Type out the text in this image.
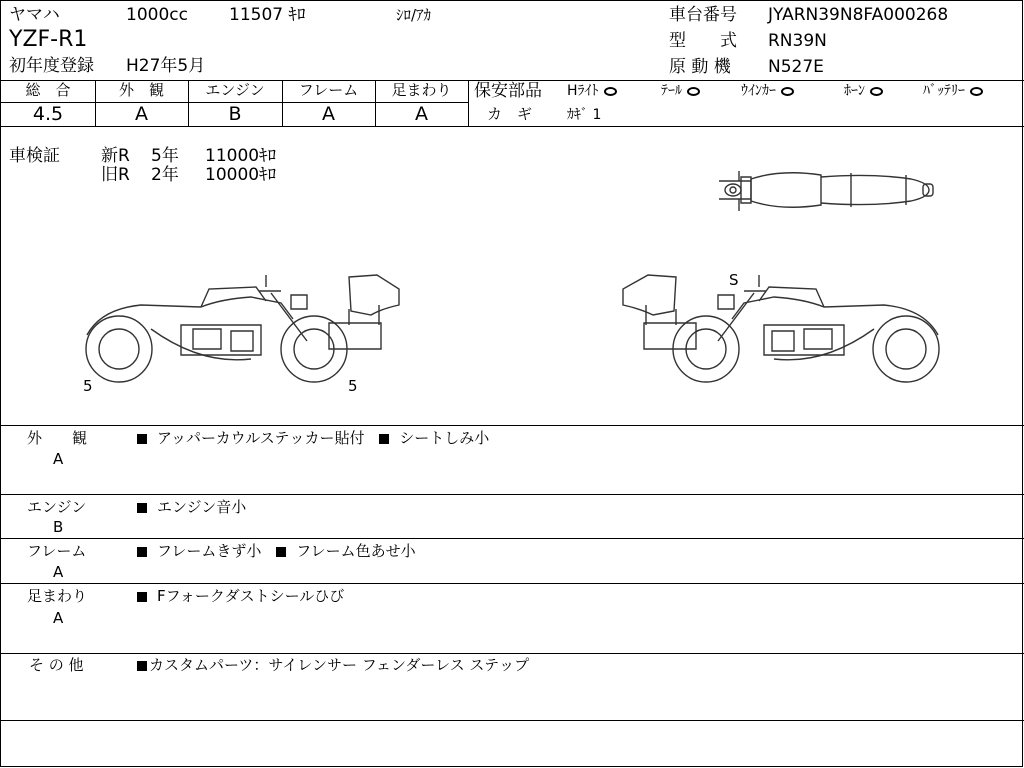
ヤマハ	1000cc 11507 ｷﾛ	ｼﾛ/ｱｶ
YZF-R1
初年度登録 H27年5月
車台番号 JYARN39N8FA000268
型　　式 RN39N
原 動 機 N527E
総　合	外　観	エンジン	フレーム	足まわり
4.5	A	B	A	A
保安部品 Hﾗｲﾄ	ﾃｰﾙ	ｳｲﾝｶｰ	ﾎｰﾝ	ﾊﾞｯﾃﾘｰ
カ　ギ ｶｷﾞ 1
車検証 新R 5年 11000ｷﾛ
旧R 2年 10000ｷﾛ
5	5
S
外　　観
A
アッパーカウルステッカー貼付 シートしみ小
エンジン
B
エンジン音小
フレーム
A
フレームきず小 フレーム色あせ小
足まわり
A
Fフォークダストシールひび
そ の 他	カスタムパーツ：サイレンサー フェンダーレス ステップ
